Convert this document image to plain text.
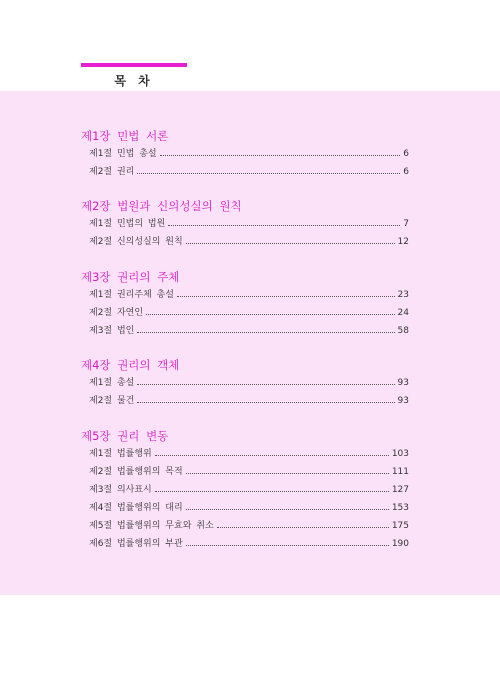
목 차
제1장 민법 서론
제1절 민법 총설	6
제2절 권리	6
제2장 법원과 신의성실의 원칙
제1절 민법의 법원	7
제2절 신의성실의 원칙	12
제3장 권리의 주체
제1절 권리주체 총설	23
제2절 자연인	24
제3절 법인	58
제4장 권리의 객체
제1절 총설	93
제2절 물건	93
제5장 권리 변동
제1절 법률행위	103
제2절 법률행위의 목적	111
제3절 의사표시	127
제4절 법률행위의 대리	153
제5절 법률행위의 무효와 취소	175
제6절 법률행위의 부관	190
